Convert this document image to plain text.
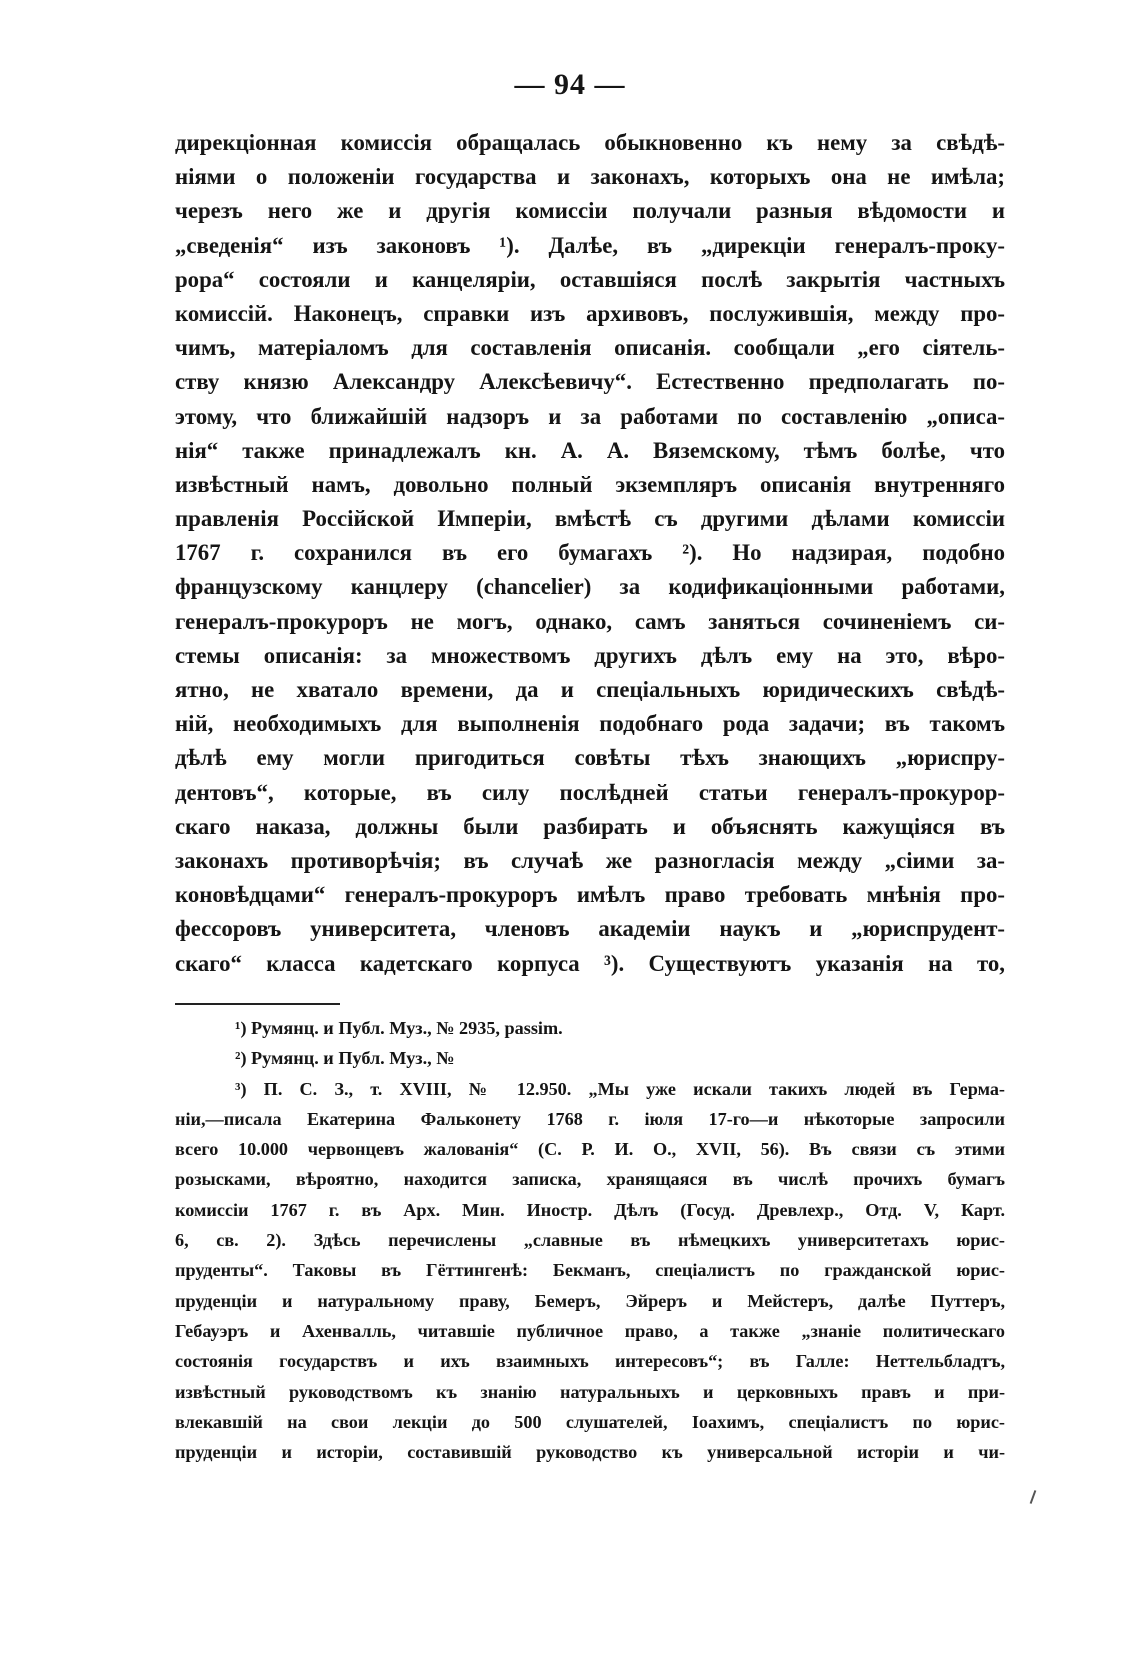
— 94 —
дирекціонная комиссія обращалась обыкновенно къ нему за свѣдѣ-
ніями о положеніи государства и законахъ, которыхъ она не имѣла;
черезъ него же и другія комиссіи получали разныя вѣдомости и
„сведенія“ изъ законовъ ¹). Далѣе, въ „дирекціи генералъ-проку-
рора“ состояли и канцеляріи, оставшіяся послѣ закрытія частныхъ
комиссій. Наконецъ, справки изъ архивовъ, послужившія, между про-
чимъ, матеріаломъ для составленія описанія. сообщали „его сіятель-
ству князю Александру Алексѣевичу“. Естественно предполагать по-
этому, что ближайшій надзоръ и за работами по составленію „описа-
нія“ также принадлежалъ кн. А. А. Вяземскому, тѣмъ болѣе, что
извѣстный намъ, довольно полный экземпляръ описанія внутренняго
правленія Россійской Имперіи, вмѣстѣ съ другими дѣлами комиссіи
1767 г. сохранился въ его бумагахъ ²). Но надзирая, подобно
французскому канцлеру (chancelier) за кодификаціонными работами,
генералъ-прокуроръ не могъ, однако, самъ заняться сочиненіемъ си-
стемы описанія: за множествомъ другихъ дѣлъ ему на это, вѣро-
ятно, не хватало времени, да и спеціальныхъ юридическихъ свѣдѣ-
ній, необходимыхъ для выполненія подобнаго рода задачи; въ такомъ
дѣлѣ ему могли пригодиться совѣты тѣхъ знающихъ „юриспру-
дентовъ“, которые, въ силу послѣдней статьи генералъ-прокурор-
скаго наказа, должны были разбирать и объяснять кажущіяся въ
законахъ противорѣчія; въ случаѣ же разногласія между „сіими за-
коновѣдцами“ генералъ-прокуроръ имѣлъ право требовать мнѣнія про-
фессоровъ университета, членовъ академіи наукъ и „юриспрудент-
скаго“ класса кадетскаго корпуса ³). Существуютъ указанія на то,
¹) Румянц. и Публ. Муз., № 2935, passim.
²) Румянц. и Публ. Муз., №
³) П. С. З., т. XVIII, № 12.950. „Мы уже искали такихъ людей въ Герма-
ніи,—писала Екатерина Фальконету 1768 г. іюля 17-го—и нѣкоторые запросили
всего 10.000 червонцевъ жалованія“ (С. Р. И. О., XVII, 56). Въ связи съ этими
розысками, вѣроятно, находится записка, хранящаяся въ числѣ прочихъ бумагъ
комиссіи 1767 г. въ Арх. Мин. Иностр. Дѣлъ (Госуд. Древлехр., Отд. V, Карт.
6, св. 2). Здѣсь перечислены „славные въ нѣмецкихъ университетахъ юрис-
пруденты“. Таковы въ Гёттингенѣ: Бекманъ, спеціалистъ по гражданской юрис-
пруденціи и натуральному праву, Бемеръ, Эйреръ и Мейстеръ, далѣе Путтеръ,
Гебауэръ и Ахенвалль, читавшіе публичное право, а также „знаніе политическаго
состоянія государствъ и ихъ взаимныхъ интересовъ“; въ Галле: Неттельбладтъ,
извѣстный руководствомъ къ знанію натуральныхъ и церковныхъ правъ и при-
влекавшій на свои лекціи до 500 слушателей, Іоахимъ, спеціалистъ по юрис-
пруденціи и исторіи, составившій руководство къ универсальной исторіи и чи-
